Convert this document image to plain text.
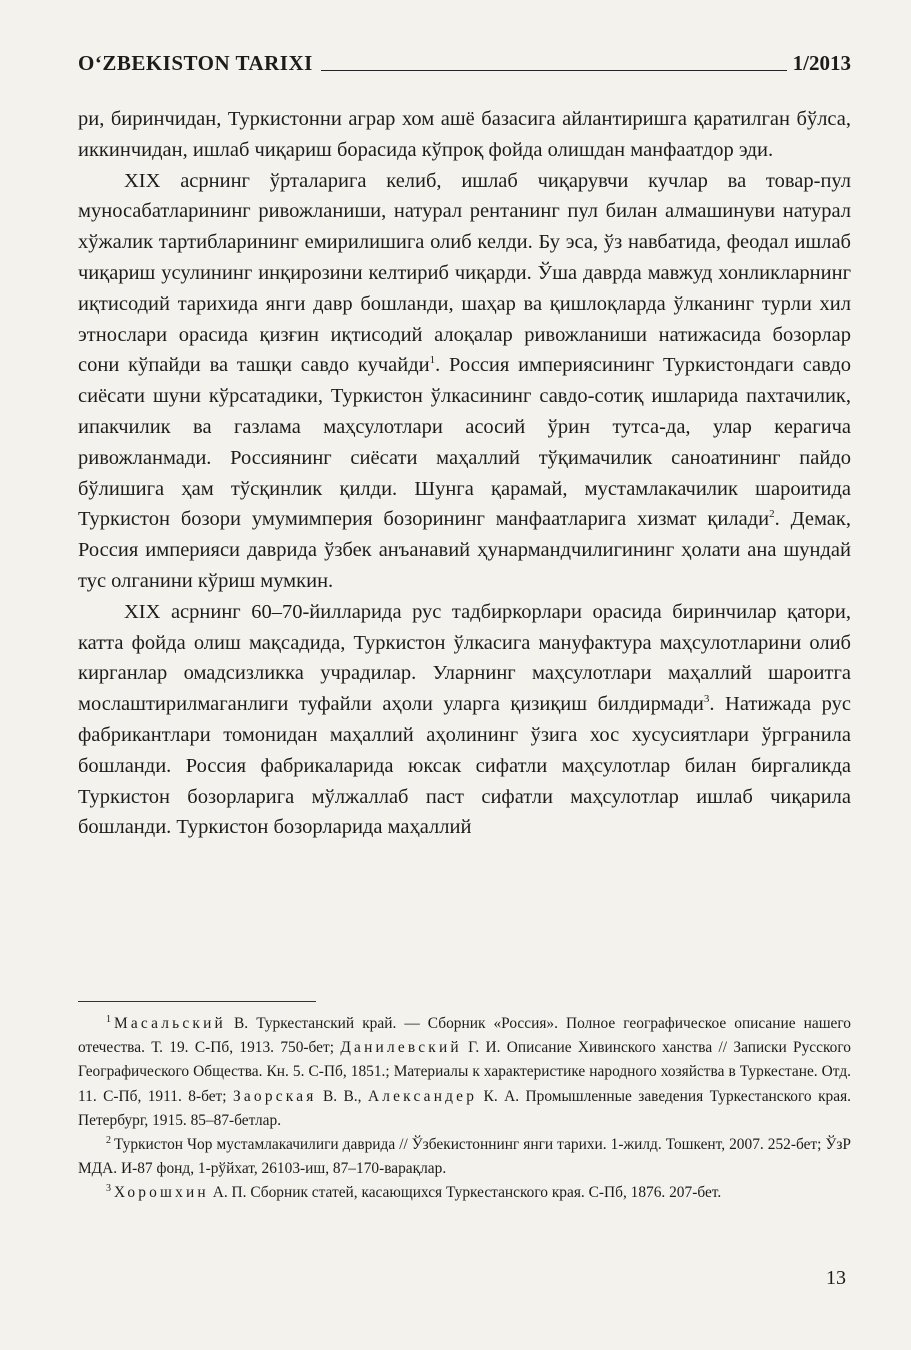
O‘ZBEKISTON TARIXI	1/2013

ри, биринчидан, Туркистонни аграр хом ашё базасига айлантиришга қаратилган бўлса, иккинчидан, ишлаб чиқариш борасида кўпроқ фойда олишдан манфаатдор эди.

XIX асрнинг ўрталарига келиб, ишлаб чиқарувчи кучлар ва товар-пул муносабатларининг ривожланиши, натурал рентанинг пул билан алмашинуви натурал хўжалик тартибларининг емирилишига олиб келди. Бу эса, ўз навбатида, феодал ишлаб чиқариш усулининг инқирозини келтириб чиқарди. Ўша даврда мавжуд хонликларнинг иқтисодий тарихида янги давр бошланди, шаҳар ва қишлоқларда ўлканинг турли хил этнослари орасида қизғин иқтисодий алоқалар ривожланиши натижасида бозорлар сони кўпайди ва ташқи савдо кучайди$^1$. Россия империясининг Туркистондаги савдо сиёсати шуни кўрсатадики, Туркистон ўлкасининг савдо-сотиқ ишларида пахтачилик, ипакчилик ва газлама маҳсулотлари асосий ўрин тутса-да, улар керагича ривожланмади. Россиянинг сиёсати маҳаллий тўқимачилик саноатининг пайдо бўлишига ҳам тўсқинлик қилди. Шунга қарамай, мустамлакачилик шароитида Туркистон бозори умумимперия бозорининг манфаатларига хизмат қилади$^2$. Демак, Россия империяси даврида ўзбек анъанавий ҳунармандчилигининг ҳолати ана шундай тус олганини кўриш мумкин.

XIX асрнинг 60–70-йилларида рус тадбиркорлари орасида биринчилар қатори, катта фойда олиш мақсадида, Туркистон ўлкасига мануфактура маҳсулотларини олиб кирганлар омадсизликка учрадилар. Уларнинг маҳсулотлари маҳаллий шароитга мослаштирилмаганлиги туфайли аҳоли уларга қизиқиш билдирмади$^3$. Натижада рус фабрикантлари томонидан маҳаллий аҳолининг ўзига хос хусусиятлари ўргранила бошланди. Россия фабрикаларида юксак сифатли маҳсулотлар билан биргаликда Туркистон бозорларига мўлжаллаб паст сифатли маҳсулотлар ишлаб чиқарила бошланди. Туркистон бозорларида маҳаллий

$^1$ Масальский В. Туркестанский край. — Сборник «Россия». Полное географическое описание нашего отечества. Т. 19. С-Пб, 1913. 750-бет; Данилевский Г. И. Описание Хивинского ханства // Записки Русского Географического Общества. Кн. 5. С-Пб, 1851.; Материалы к характеристике народного хозяйства в Туркестане. Отд. 11. С-Пб, 1911. 8-бет; Заорская В. В., Александер К. А. Промышленные заведения Туркестанского края. Петербург, 1915. 85–87-бетлар.

$^2$ Туркистон Чор мустамлакачилиги даврида // Ўзбекистоннинг янги тарихи. 1-жилд. Тошкент, 2007. 252-бет; ЎзР МДА. И-87 фонд, 1-рўйхат, 26103-иш, 87–170-варақлар.

$^3$ Хорошхин А. П. Сборник статей, касающихся Туркестанского края. С-Пб, 1876. 207-бет.

13
